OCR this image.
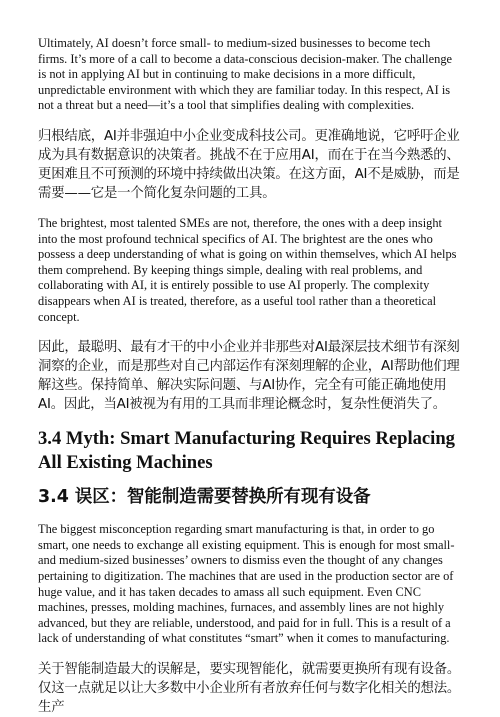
Ultimately, AI doesn’t force small- to medium-sized businesses to become tech firms. It’s more of a call to become a data-conscious decision-maker. The challenge is not in applying AI but in continuing to make decisions in a more difficult, unpredictable environment with which they are familiar today. In this respect, AI is not a threat but a need—it’s a tool that simplifies dealing with complexities.

归根结底，AI并非强迫中小企业变成科技公司。更准确地说，它呼吁企业成为具有数据意识的决策者。挑战不在于应用AI，而在于在当今熟悉的、更困难且不可预测的环境中持续做出决策。在这方面，AI不是威胁，而是需要——它是一个简化复杂问题的工具。

The brightest, most talented SMEs are not, therefore, the ones with a deep insight into the most profound technical specifics of AI. The brightest are the ones who possess a deep understanding of what is going on within themselves, which AI helps them comprehend. By keeping things simple, dealing with real problems, and collaborating with AI, it is entirely possible to use AI properly. The complexity disappears when AI is treated, therefore, as a useful tool rather than a theoretical concept.

因此，最聪明、最有才干的中小企业并非那些对AI最深层技术细节有深刻洞察的企业，而是那些对自己内部运作有深刻理解的企业，AI帮助他们理解这些。保持简单、解决实际问题、与AI协作，完全有可能正确地使用AI。因此，当AI被视为有用的工具而非理论概念时，复杂性便消失了。

3.4 Myth: Smart Manufacturing Requires Replacing All Existing Machines
3.4 误区：智能制造需要替换所有现有设备

The biggest misconception regarding smart manufacturing is that, in order to go smart, one needs to exchange all existing equipment. This is enough for most small- and medium-sized businesses’ owners to dismiss even the thought of any changes pertaining to digitization. The machines that are used in the production sector are of huge value, and it has taken decades to amass all such equipment. Even CNC machines, presses, molding machines, furnaces, and assembly lines are not highly advanced, but they are reliable, understood, and paid for in full. This is a result of a lack of understanding of what constitutes “smart” when it comes to manufacturing.

关于智能制造最大的误解是，要实现智能化，就需要更换所有现有设备。仅这一点就足以让大多数中小企业所有者放弃任何与数字化相关的想法。生产
